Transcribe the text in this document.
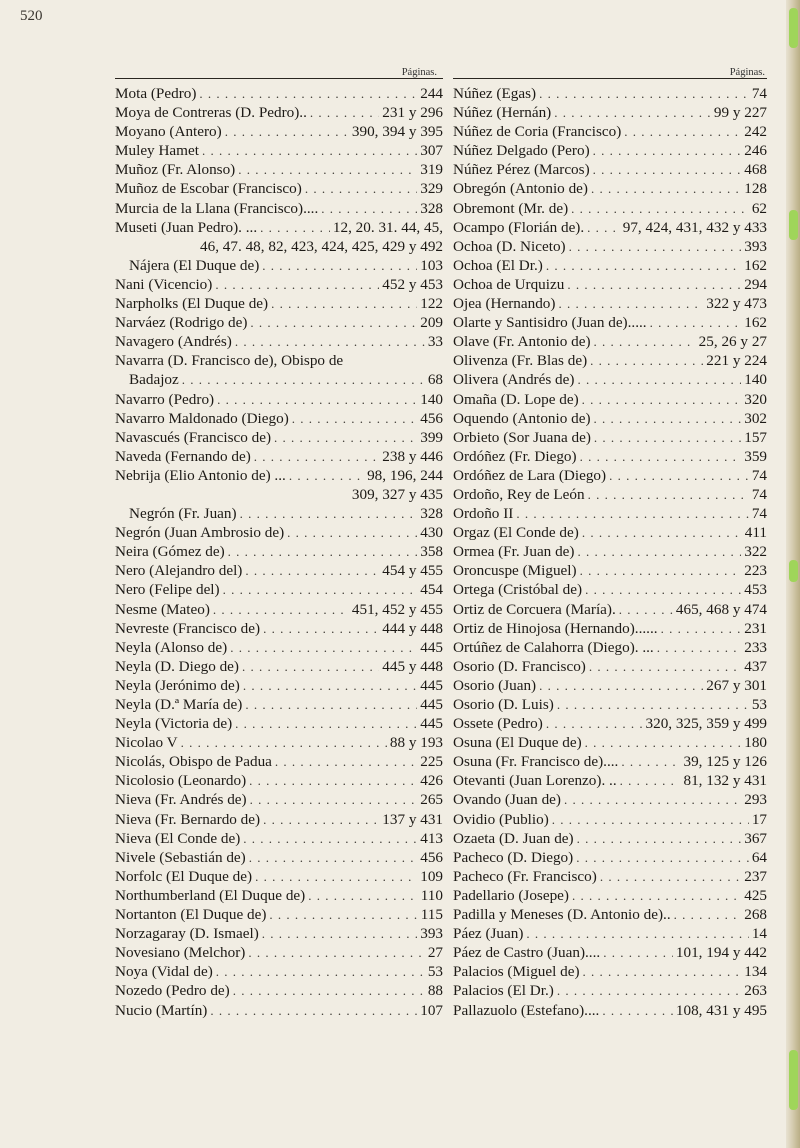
520
Páginas.
Mota (Pedro) . . .	244
Moya de Contreras (D. Pedro).. . . .	231 y 296
Moyano (Antero) . . .	390, 394 y 395
Muley Hamet . . .	307
Muñoz (Fr. Alonso) . . .	319
Muñoz de Escobar (Francisco) . . .	329
Murcia de la Llana (Francisco).... . . .	328
Museti (Juan Pedro). ... . . .	12, 20. 31. 44, 45,
46, 47. 48, 82, 423, 424, 425, 429 y 492
Nájera (El Duque de) . . .	103
Nani (Vicencio) . . .	452 y 453
Narpholks (El Duque de) . . .	122
Narváez (Rodrigo de) . . .	209
Navagero (Andrés) . . .	33
Navarra (D. Francisco de), Obispo de
Badajoz . . .	68
Navarro (Pedro) . . .	140
Navarro Maldonado (Diego) . . .	456
Navascués (Francisco de) . . .	399
Naveda (Fernando de) . . .	238 y 446
Nebrija (Elio Antonio de) ... . . .	98, 196, 244
309, 327 y 435
Negrón (Fr. Juan) . . .	328
Negrón (Juan Ambrosio de) . . .	430
Neira (Gómez de) . . .	358
Nero (Alejandro del) . . .	454 y 455
Nero (Felipe del) . . .	454
Nesme (Mateo) . . .	451, 452 y 455
Nevreste (Francisco de) . . .	444 y 448
Neyla (Alonso de) . . .	445
Neyla (D. Diego de) . . .	445 y 448
Neyla (Jerónimo de) . . .	445
Neyla (D.ª María de) . . .	445
Neyla (Victoria de) . . .	445
Nicolao V . . .	88 y 193
Nicolás, Obispo de Padua . . .	225
Nicolosio (Leonardo) . . .	426
Nieva (Fr. Andrés de) . . .	265
Nieva (Fr. Bernardo de) . . .	137 y 431
Nieva (El Conde de) . . .	413
Nivele (Sebastián de) . . .	456
Norfolc (El Duque de) . . .	109
Northumberland (El Duque de) . . .	110
Nortanton (El Duque de) . . .	115
Norzagaray (D. Ismael) . . .	393
Novesiano (Melchor) . . .	27
Noya (Vidal de) . . .	53
Nozedo (Pedro de) . . .	88
Nucio (Martín) . . .	107
Páginas.
Núñez (Egas) . . .	74
Núñez (Hernán) . . .	99 y 227
Núñez de Coria (Francisco) . . .	242
Núñez Delgado (Pero) . . .	246
Núñez Pérez (Marcos) . . .	468
Obregón (Antonio de) . . .	128
Obremont (Mr. de) . . .	62
Ocampo (Florián de). . . .	97, 424, 431, 432 y 433
Ochoa (D. Niceto) . . .	393
Ochoa (El Dr.) . . .	162
Ochoa de Urquizu . . .	294
Ojea (Hernando) . . .	322 y 473
Olarte y Santisidro (Juan de)..... . . .	162
Olave (Fr. Antonio de) . . .	25, 26 y 27
Olivenza (Fr. Blas de) . . .	221 y 224
Olivera (Andrés de) . . .	140
Omaña (D. Lope de) . . .	320
Oquendo (Antonio de) . . .	302
Orbieto (Sor Juana de) . . .	157
Ordóñez (Fr. Diego) . . .	359
Ordóñez de Lara (Diego) . . .	74
Ordoño, Rey de León . . .	74
Ordoño II . . .	74
Orgaz (El Conde de) . . .	411
Ormea (Fr. Juan de) . . .	322
Oroncuspe (Miguel) . . .	223
Ortega (Cristóbal de) . . .	453
Ortiz de Corcuera (María). . . .	465, 468 y 474
Ortiz de Hinojosa (Hernando)...... . . .	231
Ortúñez de Calahorra (Diego). ... . . .	233
Osorio (D. Francisco) . . .	437
Osorio (Juan) . . .	267 y 301
Osorio (D. Luis) . . .	53
Ossete (Pedro) . . .	320, 325, 359 y 499
Osuna (El Duque de) . . .	180
Osuna (Fr. Francisco de).... . . .	39, 125 y 126
Otevanti (Juan Lorenzo). .. . . .	81, 132 y 431
Ovando (Juan de) . . .	293
Ovidio (Publio) . . .	17
Ozaeta (D. Juan de) . . .	367
Pacheco (D. Diego) . . .	64
Pacheco (Fr. Francisco) . . .	237
Padellario (Josepe) . . .	425
Padilla y Meneses (D. Antonio de).. . . .	268
Páez (Juan) . . .	14
Páez de Castro (Juan).... . . .	101, 194 y 442
Palacios (Miguel de) . . .	134
Palacios (El Dr.) . . .	263
Pallazuolo (Estefano).... . . .	108, 431 y 495
